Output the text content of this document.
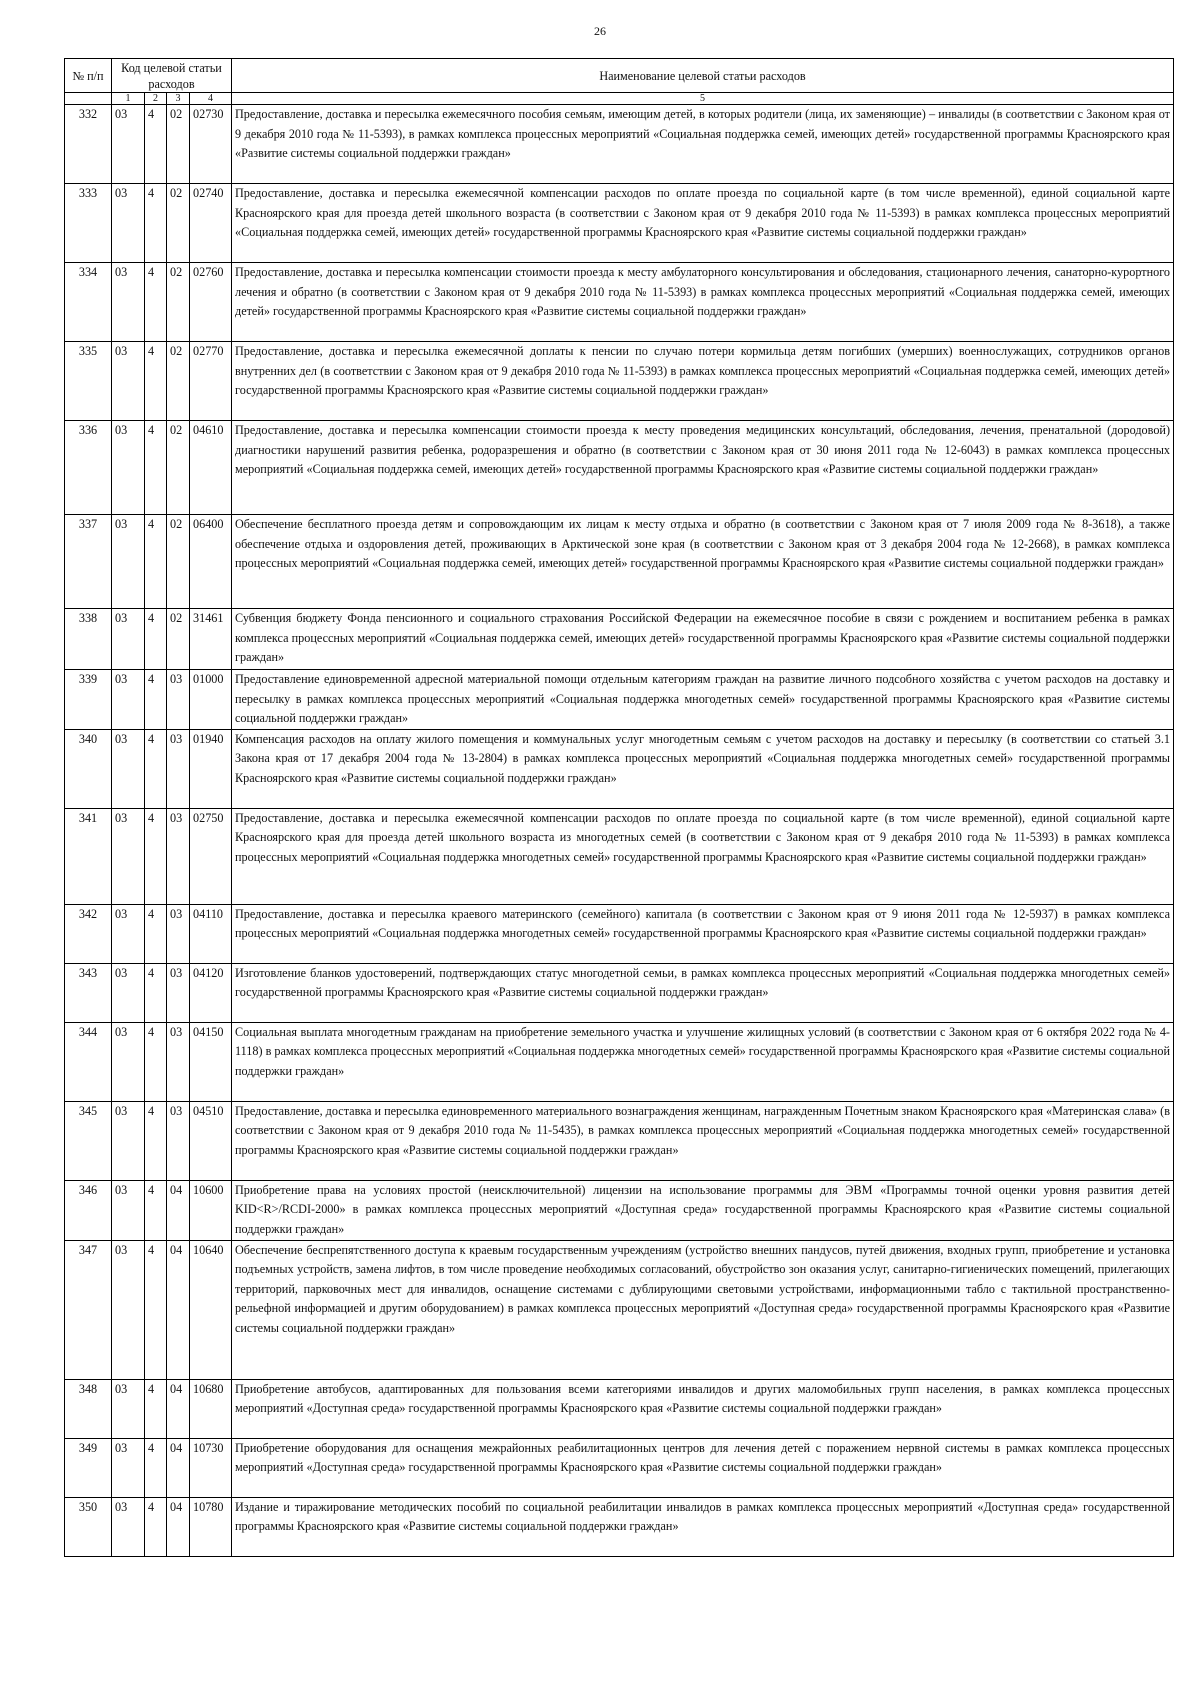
26
№ п/п	Код целевой статьи расходов				Наименование целевой статьи расходов
	1	2	3	4	5
332	03	4	02	02730	Предоставление, доставка и пересылка ежемесячного пособия семьям, имеющим детей, в которых родители (лица, их заменяющие) – инвалиды (в соответствии с Законом края от 9 декабря 2010 года № 11-5393), в рамках комплекса процессных мероприятий «Социальная поддержка семей, имеющих детей» государственной программы Красноярского края «Развитие системы социальной поддержки граждан»
333	03	4	02	02740	Предоставление, доставка и пересылка ежемесячной компенсации расходов по оплате проезда по социальной карте (в том числе временной), единой социальной карте Красноярского края для проезда детей школьного возраста (в соответствии с Законом края от 9 декабря 2010 года № 11-5393) в рамках комплекса процессных мероприятий «Социальная поддержка семей, имеющих детей» государственной программы Красноярского края «Развитие системы социальной поддержки граждан»
334	03	4	02	02760	Предоставление, доставка и пересылка компенсации стоимости проезда к месту амбулаторного консультирования и обследования, стационарного лечения, санаторно-курортного лечения и обратно (в соответствии с Законом края от 9 декабря 2010 года № 11-5393) в рамках комплекса процессных мероприятий «Социальная поддержка семей, имеющих детей» государственной программы Красноярского края «Развитие системы социальной поддержки граждан»
335	03	4	02	02770	Предоставление, доставка и пересылка ежемесячной доплаты к пенсии по случаю потери кормильца детям погибших (умерших) военнослужащих, сотрудников органов внутренних дел (в соответствии с Законом края от 9 декабря 2010 года № 11-5393) в рамках комплекса процессных мероприятий «Социальная поддержка семей, имеющих детей» государственной программы Красноярского края «Развитие системы социальной поддержки граждан»
336	03	4	02	04610	Предоставление, доставка и пересылка компенсации стоимости проезда к месту проведения медицинских консультаций, обследования, лечения, пренатальной (дородовой) диагностики нарушений развития ребенка, родоразрешения и обратно (в соответствии с Законом края от 30 июня 2011 года № 12-6043) в рамках комплекса процессных мероприятий «Социальная поддержка семей, имеющих детей» государственной программы Красноярского края «Развитие системы социальной поддержки граждан»
337	03	4	02	06400	Обеспечение бесплатного проезда детям и сопровождающим их лицам к месту отдыха и обратно (в соответствии с Законом края от 7 июля 2009 года № 8-3618), а также обеспечение отдыха и оздоровления детей, проживающих в Арктической зоне края (в соответствии с Законом края от 3 декабря 2004 года № 12-2668), в рамках комплекса процессных мероприятий «Социальная поддержка семей, имеющих детей» государственной программы Красноярского края «Развитие системы социальной поддержки граждан»
338	03	4	02	31461	Субвенция бюджету Фонда пенсионного и социального страхования Российской Федерации на ежемесячное пособие в связи с рождением и воспитанием ребенка в рамках комплекса процессных мероприятий «Социальная поддержка семей, имеющих детей» государственной программы Красноярского края «Развитие системы социальной поддержки граждан»
339	03	4	03	01000	Предоставление единовременной адресной материальной помощи отдельным категориям граждан на развитие личного подсобного хозяйства с учетом расходов на доставку и пересылку в рамках комплекса процессных мероприятий «Социальная поддержка многодетных семей» государственной программы Красноярского края «Развитие системы социальной поддержки граждан»
340	03	4	03	01940	Компенсация расходов на оплату жилого помещения и коммунальных услуг многодетным семьям с учетом расходов на доставку и пересылку (в соответствии со статьей 3.1 Закона края от 17 декабря 2004 года № 13-2804) в рамках комплекса процессных мероприятий «Социальная поддержка многодетных семей» государственной программы Красноярского края «Развитие системы социальной поддержки граждан»
341	03	4	03	02750	Предоставление, доставка и пересылка ежемесячной компенсации расходов по оплате проезда по социальной карте (в том числе временной), единой социальной карте Красноярского края для проезда детей школьного возраста из многодетных семей (в соответствии с Законом края от 9 декабря 2010 года № 11-5393) в рамках комплекса процессных мероприятий «Социальная поддержка многодетных семей» государственной программы Красноярского края «Развитие системы социальной поддержки граждан»
342	03	4	03	04110	Предоставление, доставка и пересылка краевого материнского (семейного) капитала (в соответствии с Законом края от 9 июня 2011 года № 12-5937) в рамках комплекса процессных мероприятий «Социальная поддержка многодетных семей» государственной программы Красноярского края «Развитие системы социальной поддержки граждан»
343	03	4	03	04120	Изготовление бланков удостоверений, подтверждающих статус многодетной семьи, в рамках комплекса процессных мероприятий «Социальная поддержка многодетных семей» государственной программы Красноярского края «Развитие системы социальной поддержки граждан»
344	03	4	03	04150	Социальная выплата многодетным гражданам на приобретение земельного участка и улучшение жилищных условий (в соответствии с Законом края от 6 октября 2022 года № 4-1118) в рамках комплекса процессных мероприятий «Социальная поддержка многодетных семей» государственной программы Красноярского края «Развитие системы социальной поддержки граждан»
345	03	4	03	04510	Предоставление, доставка и пересылка единовременного материального вознаграждения женщинам, награжденным Почетным знаком Красноярского края «Материнская слава» (в соответствии с Законом края от 9 декабря 2010 года № 11-5435), в рамках комплекса процессных мероприятий «Социальная поддержка многодетных семей» государственной программы Красноярского края «Развитие системы социальной поддержки граждан»
346	03	4	04	10600	Приобретение права на условиях простой (неисключительной) лицензии на использование программы для ЭВМ «Программы точной оценки уровня развития детей KID<R>/RCDI-2000» в рамках комплекса процессных мероприятий «Доступная среда» государственной программы Красноярского края «Развитие системы социальной поддержки граждан»
347	03	4	04	10640	Обеспечение беспрепятственного доступа к краевым государственным учреждениям (устройство внешних пандусов, путей движения, входных групп, приобретение и установка подъемных устройств, замена лифтов, в том числе проведение необходимых согласований, обустройство зон оказания услуг, санитарно-гигиенических помещений, прилегающих территорий, парковочных мест для инвалидов, оснащение системами с дублирующими световыми устройствами, информационными табло с тактильной пространственно-рельефной информацией и другим оборудованием) в рамках комплекса процессных мероприятий «Доступная среда» государственной программы Красноярского края «Развитие системы социальной поддержки граждан»
348	03	4	04	10680	Приобретение автобусов, адаптированных для пользования всеми категориями инвалидов и других маломобильных групп населения, в рамках комплекса процессных мероприятий «Доступная среда» государственной программы Красноярского края «Развитие системы социальной поддержки граждан»
349	03	4	04	10730	Приобретение оборудования для оснащения межрайонных реабилитационных центров для лечения детей с поражением нервной системы в рамках комплекса процессных мероприятий «Доступная среда» государственной программы Красноярского края «Развитие системы социальной поддержки граждан»
350	03	4	04	10780	Издание и тиражирование методических пособий по социальной реабилитации инвалидов в рамках комплекса процессных мероприятий «Доступная среда» государственной программы Красноярского края «Развитие системы социальной поддержки граждан»
